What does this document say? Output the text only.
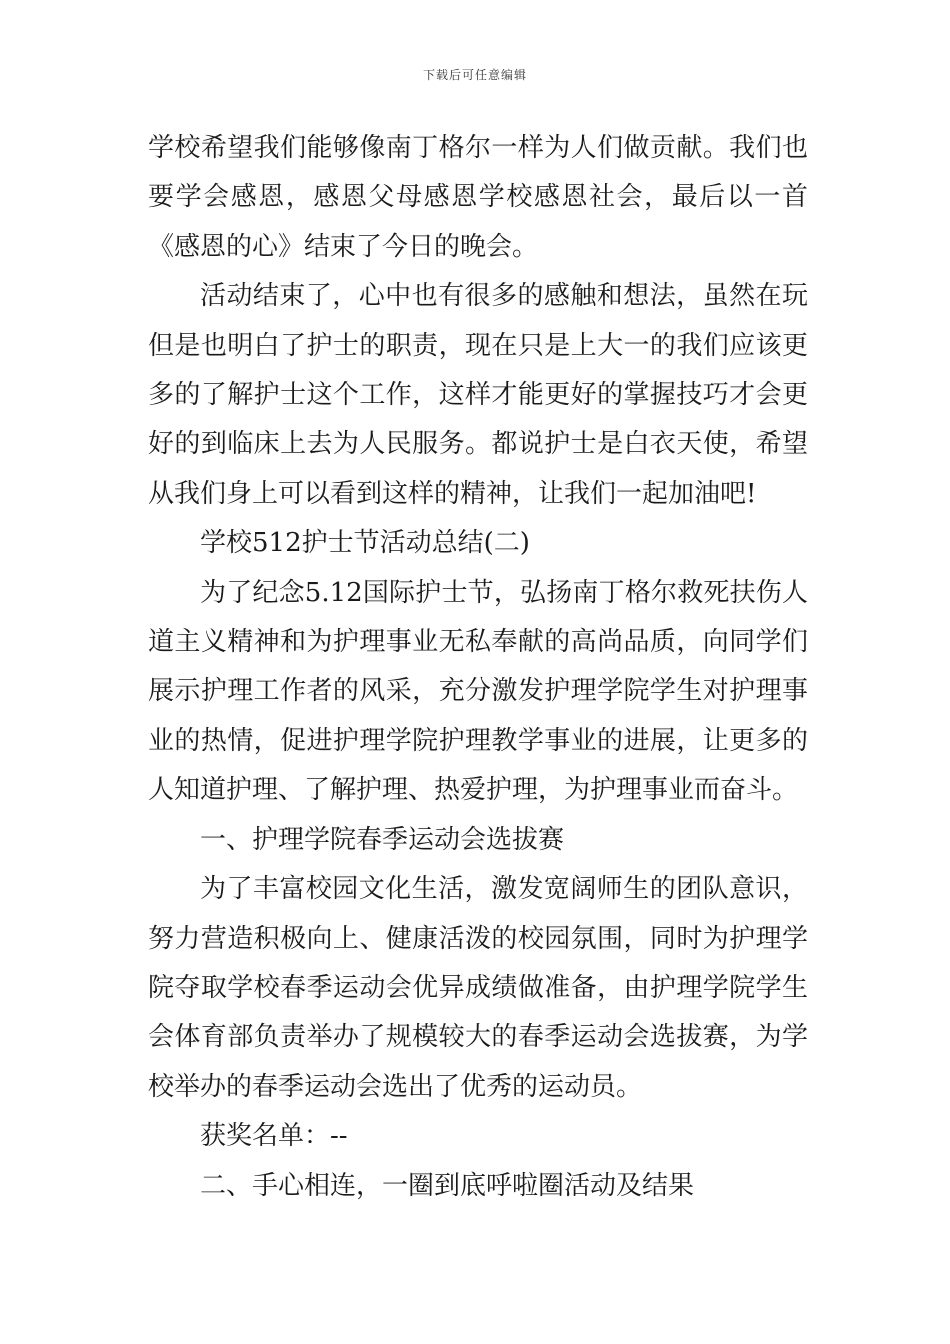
下载后可任意编辑

学校希望我们能够像南丁格尔一样为人们做贡献。我们也要学会感恩，感恩父母感恩学校感恩社会，最后以一首《感恩的心》结束了今日的晚会。

活动结束了，心中也有很多的感触和想法，虽然在玩但是也明白了护士的职责，现在只是上大一的我们应该更多的了解护士这个工作，这样才能更好的掌握技巧才会更好的到临床上去为人民服务。都说护士是白衣天使，希望从我们身上可以看到这样的精神，让我们一起加油吧!

学校512护士节活动总结(二)

为了纪念5.12国际护士节，弘扬南丁格尔救死扶伤人道主义精神和为护理事业无私奉献的高尚品质，向同学们展示护理工作者的风采，充分激发护理学院学生对护理事业的热情，促进护理学院护理教学事业的进展，让更多的人知道护理、了解护理、热爱护理，为护理事业而奋斗。

一、护理学院春季运动会选拔赛

为了丰富校园文化生活，激发宽阔师生的团队意识，努力营造积极向上、健康活泼的校园氛围，同时为护理学院夺取学校春季运动会优异成绩做准备，由护理学院学生会体育部负责举办了规模较大的春季运动会选拔赛，为学校举办的春季运动会选出了优秀的运动员。

获奖名单：--

二、手心相连，一圈到底呼啦圈活动及结果
